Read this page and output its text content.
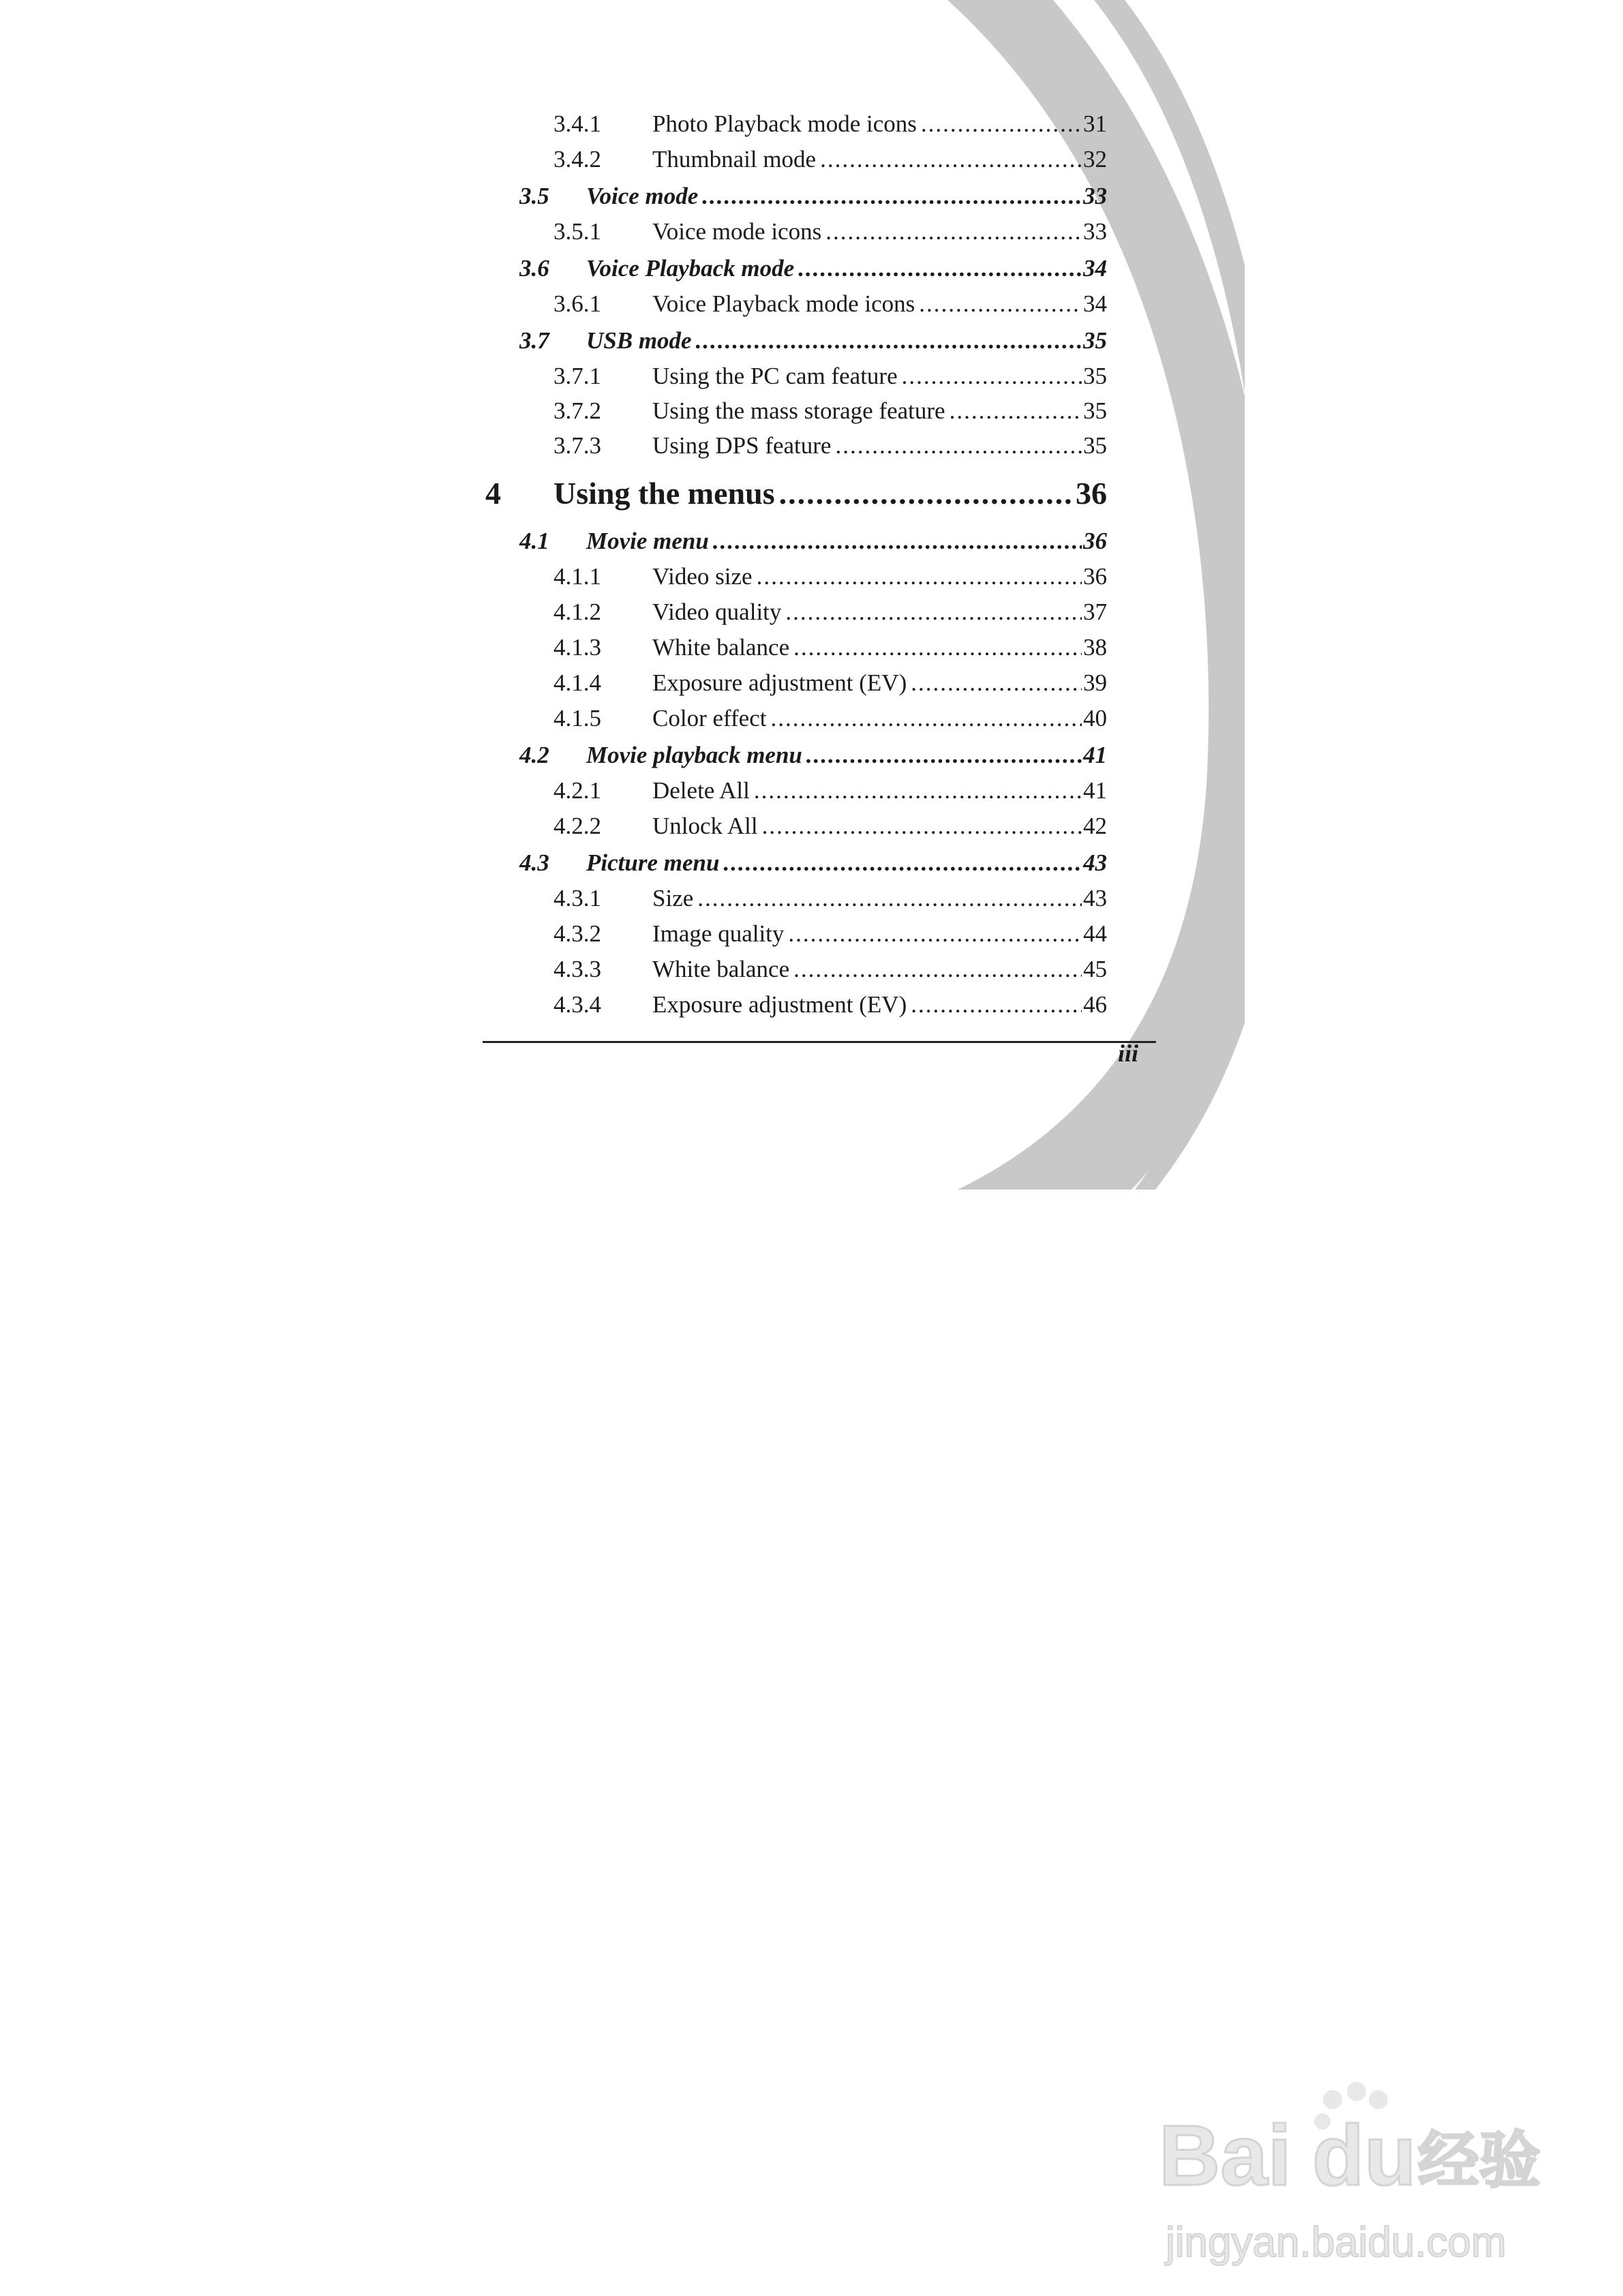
3.4.1	Photo Playback mode icons .....	31
3.4.2	Thumbnail mode .....	32
3.5	Voice mode .....	33
3.5.1	Voice mode icons .....	33
3.6	Voice Playback mode .....	34
3.6.1	Voice Playback mode icons .....	34
3.7	USB mode .....	35
3.7.1	Using the PC cam feature .....	35
3.7.2	Using the mass storage feature .....	35
3.7.3	Using DPS feature .....	35
4	Using the menus .....	36
4.1	Movie menu .....	36
4.1.1	Video size .....	36
4.1.2	Video quality .....	37
4.1.3	White balance .....	38
4.1.4	Exposure adjustment (EV) .....	39
4.1.5	Color effect .....	40
4.2	Movie playback menu .....	41
4.2.1	Delete All .....	41
4.2.2	Unlock All .....	42
4.3	Picture menu .....	43
4.3.1	Size .....	43
4.3.2	Image quality .....	44
4.3.3	White balance .....	45
4.3.4	Exposure adjustment (EV) .....	46
iii
Bai du 经验
jingyan.baidu.com
